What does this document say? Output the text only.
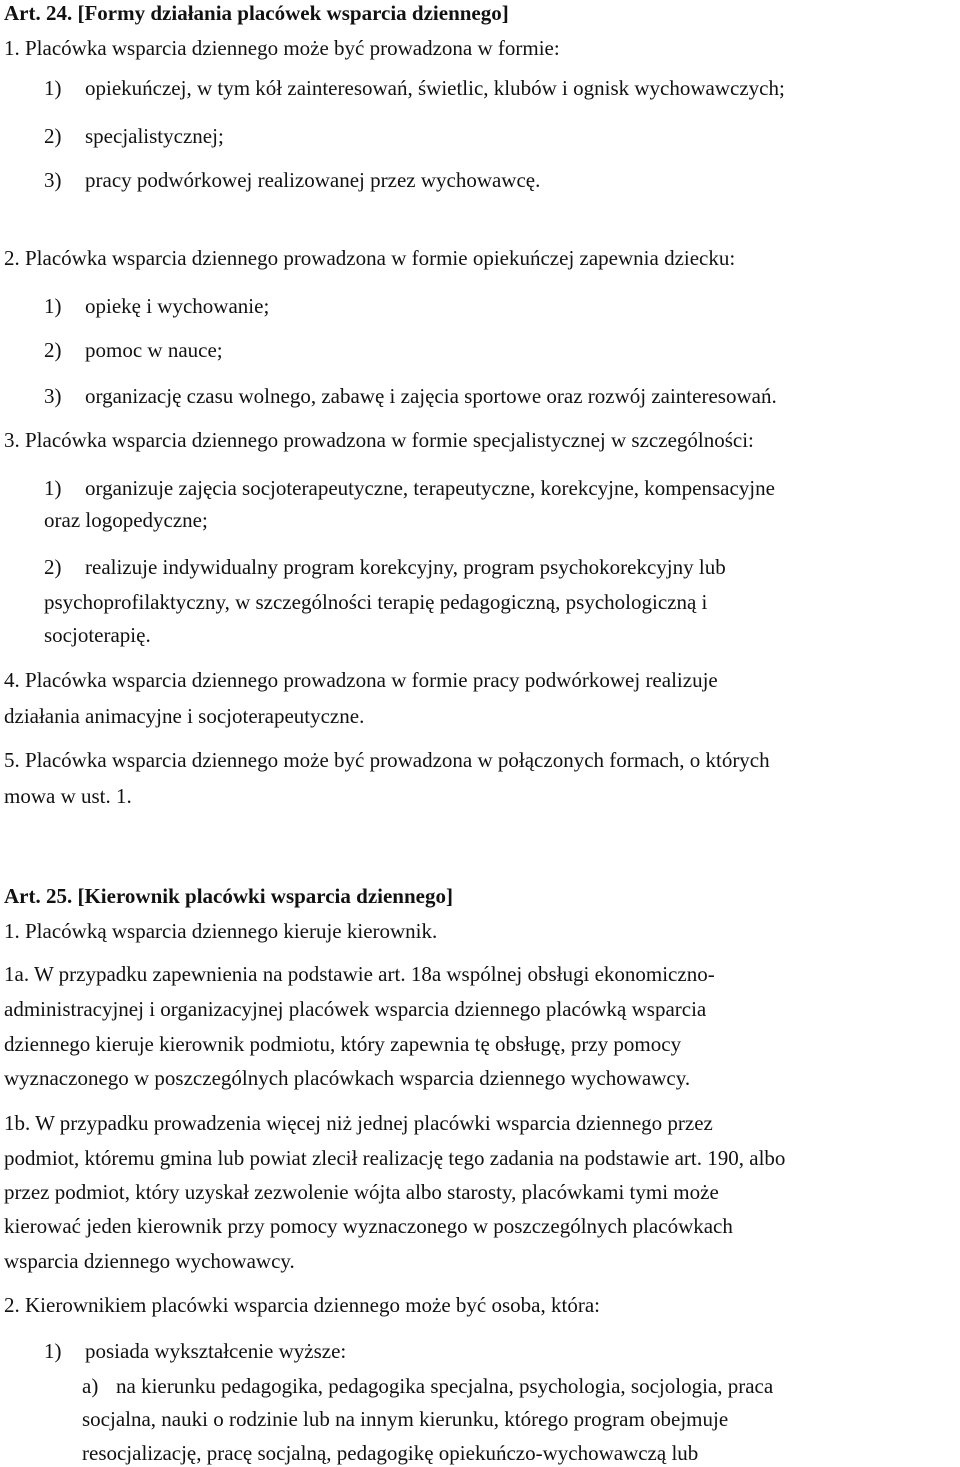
Art. 24. [Formy działania placówek wsparcia dziennego]

1. Placówka wsparcia dziennego może być prowadzona w formie:

1) opiekuńczej, w tym kół zainteresowań, świetlic, klubów i ognisk wychowawczych;

2) specjalistycznej;

3) pracy podwórkowej realizowanej przez wychowawcę.

2. Placówka wsparcia dziennego prowadzona w formie opiekuńczej zapewnia dziecku:

1) opiekę i wychowanie;

2) pomoc w nauce;

3) organizację czasu wolnego, zabawę i zajęcia sportowe oraz rozwój zainteresowań.

3. Placówka wsparcia dziennego prowadzona w formie specjalistycznej w szczególności:

1) organizuje zajęcia socjoterapeutyczne, terapeutyczne, korekcyjne, kompensacyjne

oraz logopedyczne;

2) realizuje indywidualny program korekcyjny, program psychokorekcyjny lub

psychoprofilaktyczny, w szczególności terapię pedagogiczną, psychologiczną i

socjoterapię.

4. Placówka wsparcia dziennego prowadzona w formie pracy podwórkowej realizuje

działania animacyjne i socjoterapeutyczne.

5. Placówka wsparcia dziennego może być prowadzona w połączonych formach, o których

mowa w ust. 1.

Art. 25. [Kierownik placówki wsparcia dziennego]

1. Placówką wsparcia dziennego kieruje kierownik.

1a. W przypadku zapewnienia na podstawie art. 18a wspólnej obsługi ekonomiczno-

administracyjnej i organizacyjnej placówek wsparcia dziennego placówką wsparcia

dziennego kieruje kierownik podmiotu, który zapewnia tę obsługę, przy pomocy

wyznaczonego w poszczególnych placówkach wsparcia dziennego wychowawcy.

1b. W przypadku prowadzenia więcej niż jednej placówki wsparcia dziennego przez

podmiot, któremu gmina lub powiat zlecił realizację tego zadania na podstawie art. 190, albo

przez podmiot, który uzyskał zezwolenie wójta albo starosty, placówkami tymi może

kierować jeden kierownik przy pomocy wyznaczonego w poszczególnych placówkach

wsparcia dziennego wychowawcy.

2. Kierownikiem placówki wsparcia dziennego może być osoba, która:

1) posiada wykształcenie wyższe:

a) na kierunku pedagogika, pedagogika specjalna, psychologia, socjologia, praca

socjalna, nauki o rodzinie lub na innym kierunku, którego program obejmuje

resocjalizację, pracę socjalną, pedagogikę opiekuńczo-wychowawczą lub
